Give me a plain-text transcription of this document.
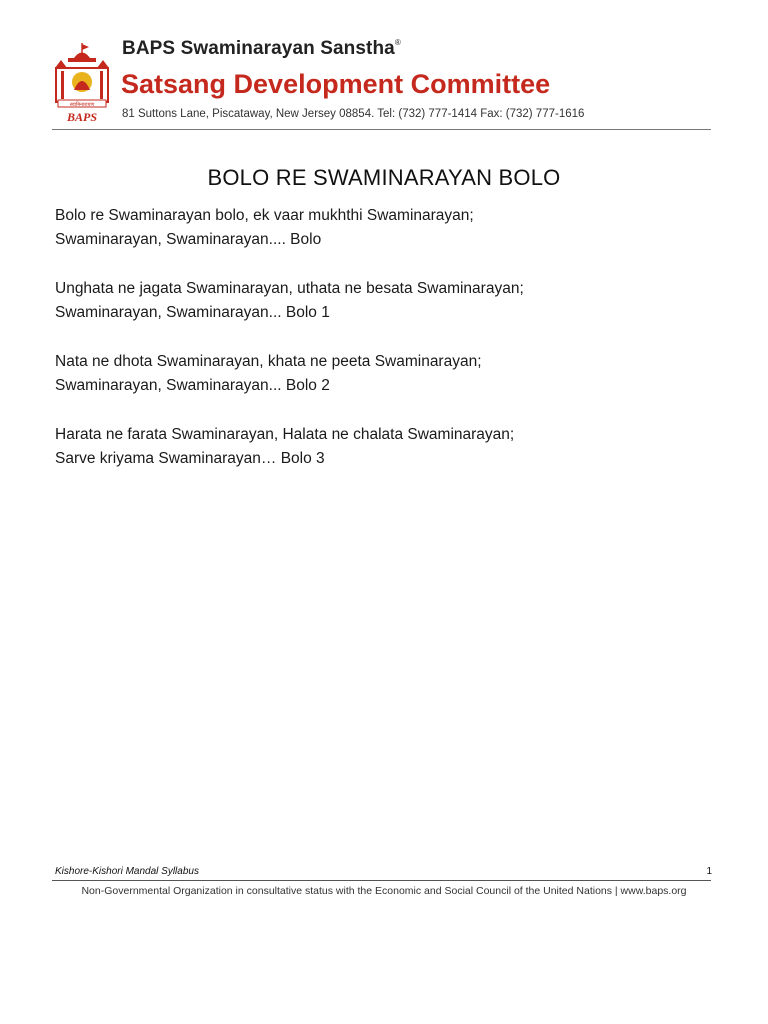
स्वामिनारायण
BAPS
BAPS Swaminarayan Sanstha®
Satsang Development Committee
81 Suttons Lane, Piscataway, New Jersey 08854. Tel: (732) 777-1414 Fax: (732) 777-1616
BOLO RE SWAMINARAYAN BOLO

Bolo re Swaminarayan bolo, ek vaar mukhthi Swaminarayan;
Swaminarayan, Swaminarayan.... Bolo

Unghata ne jagata Swaminarayan, uthata ne besata Swaminarayan;
Swaminarayan, Swaminarayan... Bolo 1

Nata ne dhota Swaminarayan, khata ne peeta Swaminarayan;
Swaminarayan, Swaminarayan... Bolo 2

Harata ne farata Swaminarayan, Halata ne chalata Swaminarayan;
Sarve kriyama Swaminarayan… Bolo 3

Kishore-Kishori Mandal Syllabus	1
Non-Governmental Organization in consultative status with the Economic and Social Council of the United Nations | www.baps.org
